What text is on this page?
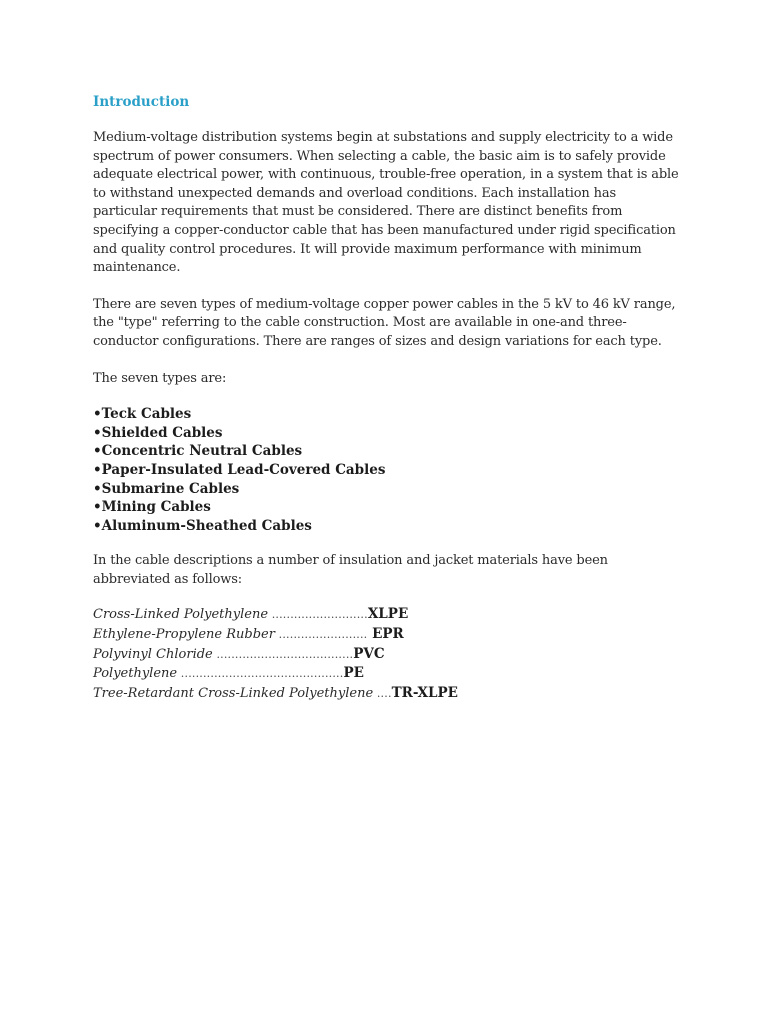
Introduction

Medium-voltage distribution systems begin at substations and supply electricity to a wide spectrum of power consumers. When selecting a cable, the basic aim is to safely provide adequate electrical power, with continuous, trouble-free operation, in a system that is able to withstand unexpected demands and overload conditions. Each installation has particular requirements that must be considered. There are distinct benefits from specifying a copper-conductor cable that has been manufactured under rigid specification and quality control procedures. It will provide maximum performance with minimum maintenance.

There are seven types of medium-voltage copper power cables in the 5 kV to 46 kV range, the "type" referring to the cable construction. Most are available in one-and three-conductor configurations. There are ranges of sizes and design variations for each type.

The seven types are:

•Teck Cables
•Shielded Cables
•Concentric Neutral Cables
•Paper-Insulated Lead-Covered Cables
•Submarine Cables
•Mining Cables
•Aluminum-Sheathed Cables

In the cable descriptions a number of insulation and jacket materials have been abbreviated as follows:

Cross-Linked Polyethylene ..........................XLPE
Ethylene-Propylene Rubber ........................ EPR
Polyvinyl Chloride .....................................PVC
Polyethylene ............................................PE
Tree-Retardant Cross-Linked Polyethylene ....TR-XLPE
